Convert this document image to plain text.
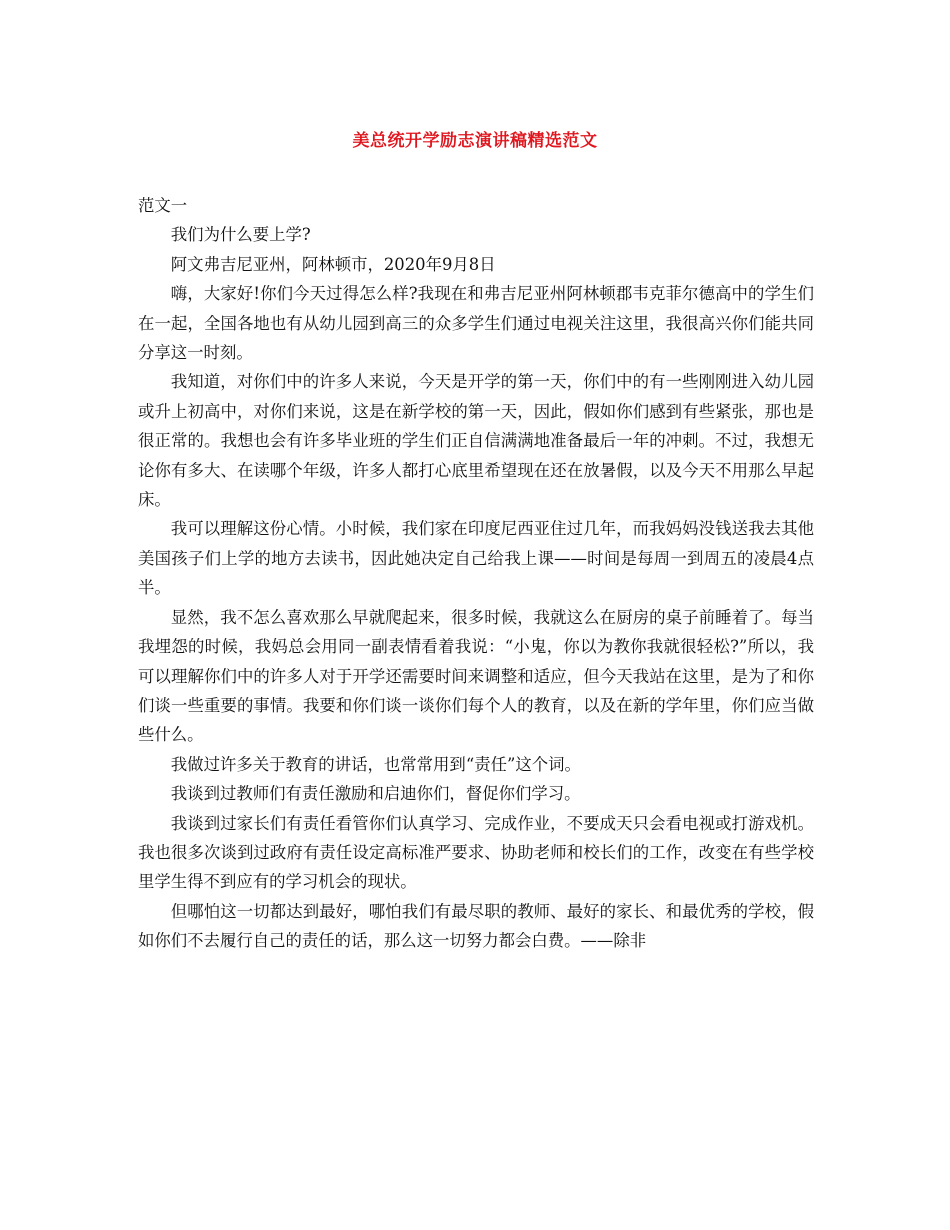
美总统开学励志演讲稿精选范文

范文一

我们为什么要上学?

阿文弗吉尼亚州，阿林顿市，2020年9月8日

嗨，大家好!你们今天过得怎么样?我现在和弗吉尼亚州阿林顿郡韦克菲尔德高中的学生们在一起，全国各地也有从幼儿园到高三的众多学生们通过电视关注这里，我很高兴你们能共同分享这一时刻。

我知道，对你们中的许多人来说，今天是开学的第一天，你们中的有一些刚刚进入幼儿园或升上初高中，对你们来说，这是在新学校的第一天，因此，假如你们感到有些紧张，那也是很正常的。我想也会有许多毕业班的学生们正自信满满地准备最后一年的冲刺。不过，我想无论你有多大、在读哪个年级，许多人都打心底里希望现在还在放暑假，以及今天不用那么早起床。

我可以理解这份心情。小时候，我们家在印度尼西亚住过几年，而我妈妈没钱送我去其他美国孩子们上学的地方去读书，因此她决定自己给我上课——时间是每周一到周五的凌晨4点半。

显然，我不怎么喜欢那么早就爬起来，很多时候，我就这么在厨房的桌子前睡着了。每当我埋怨的时候，我妈总会用同一副表情看着我说：“小鬼，你以为教你我就很轻松?”所以，我可以理解你们中的许多人对于开学还需要时间来调整和适应，但今天我站在这里，是为了和你们谈一些重要的事情。我要和你们谈一谈你们每个人的教育，以及在新的学年里，你们应当做些什么。

我做过许多关于教育的讲话，也常常用到“责任”这个词。

我谈到过教师们有责任激励和启迪你们，督促你们学习。

我谈到过家长们有责任看管你们认真学习、完成作业，不要成天只会看电视或打游戏机。我也很多次谈到过政府有责任设定高标准严要求、协助老师和校长们的工作，改变在有些学校里学生得不到应有的学习机会的现状。

但哪怕这一切都达到最好，哪怕我们有最尽职的教师、最好的家长、和最优秀的学校，假如你们不去履行自己的责任的话，那么这一切努力都会白费。——除非
